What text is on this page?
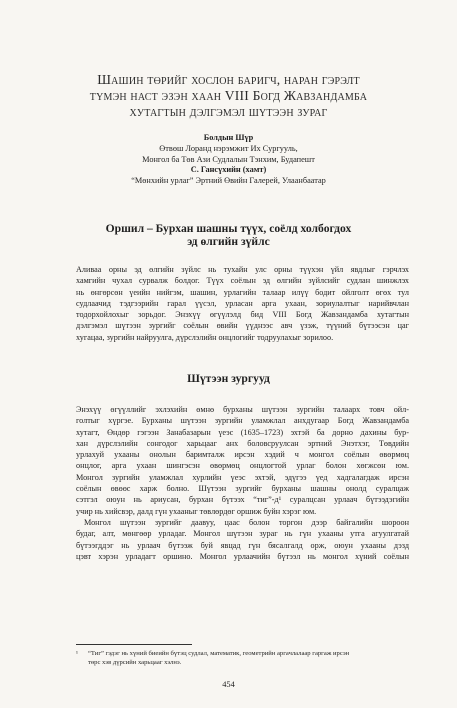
Шашин төрийг хослон баригч, наран гэрэлт
түмэн наст эзэн хаан VIII Богд Жавзандамба
хутагтын дэлгэмэл шүтээн зураг
Болдын Шүр
Өтвөш Лоранд нэрэмжит Их Сургууль,
Монгол ба Төв Ази Судлалын Тэнхим, Будапешт
С. Гансүхийн (хамт)
“Мөнхийн урлаг” Эртний Өвийн Галерей, Улаанбаатар
Оршил – Бурхан шашны түүх, соёлд холбогдох
эд өлгийн зүйлс
Аливаа орны эд өлгийн зүйлс нь тухайн улс орны түүхэн үйл явдлыг гэрчлэх
хамгийн чухал сурвалж болдог. Түүх соёлын эд өлгийн зүйлсийг судлан шинжлэх
нь өнгөрсөн үеийн нийгэм, шашин, урлагийн талаар илүү бодит ойлголт өгөх тул
судлаачид тэдгээрийн гарал үүсэл, урласан арга ухаан, зориулалтыг нарийвчлан
тодорхойлохыг зорьдог. Энэхүү өгүүлэлд бид VIII Богд Жавзандамба хутагтын
дэлгэмэл шүтээн зургийг соёлын өвийн үүднээс авч үзэж, түүний бүтээсэн цаг
хугацаа, зургийн найруулга, дүрслэлийн онцлогийг тодруулахыг зорилоо.
Шүтээн зургууд
Энэхүү өгүүллийг эхлэхийн өмнө бурханы шүтээн зургийн талаарх товч ойл-
голтыг хүргэе. Бурханы шүтээн зургийн уламжлал анхдугаар Богд Жавзандамба
хутагт, Өндөр гэгээн Занабазарын үеэс (1635–1723) эхтэй ба дорно дахины бур-
хан дүрслэлийн сонгодог харьцааг анх боловсруулсан эртний Энэтхэг, Төвдийн
урлахуй ухааны онолын баримталж ирсэн хэдий ч монгол соёлын өвөрмөц
онцлог, арга ухаан шингэсэн өвөрмөц онцлогтой урлаг болон хөгжсөн юм.
Монгол зургийн уламжлал хурлийн үеэс эхтэй, эдүгээ үед хадгалагдаж ирсэн
соёлын өвөөс харж болно. Шүтээн зургийг бурханы шашны онолд суралцаж
сэтгэл оюун нь ариусан, бурхан бүтээх “тиг”-д¹ суралцсан урлаач бүтээдэгийн
учир нь хийсвэр, далд гүн ухааныг төвлөрдөг оршиж буйн хэрэг юм.
Монгол шүтээн зургийг даавуу, цаас болон торгон дээр байгалийн шороон
будаг, алт, мөнгөөр урладаг. Монгол шүтээн зураг нь гүн ухааны утга агуулгатай
бүтээгддэг нь урлаач бүтээж буй явцад гүн бясалгалд орж, оюун ухааны дэзд
цэвт хэрэн урладагт оршино. Монгол урлаачийн бүтээл нь монгол хүний соёлын
¹ “Тиг” гэдэг нь хүний биеийн бүтэц судлал, математик, геометрийн аргачлалаар гаргаж ирсэн
төрс хэв дүрсийн харьцааг хэлнэ.
454
